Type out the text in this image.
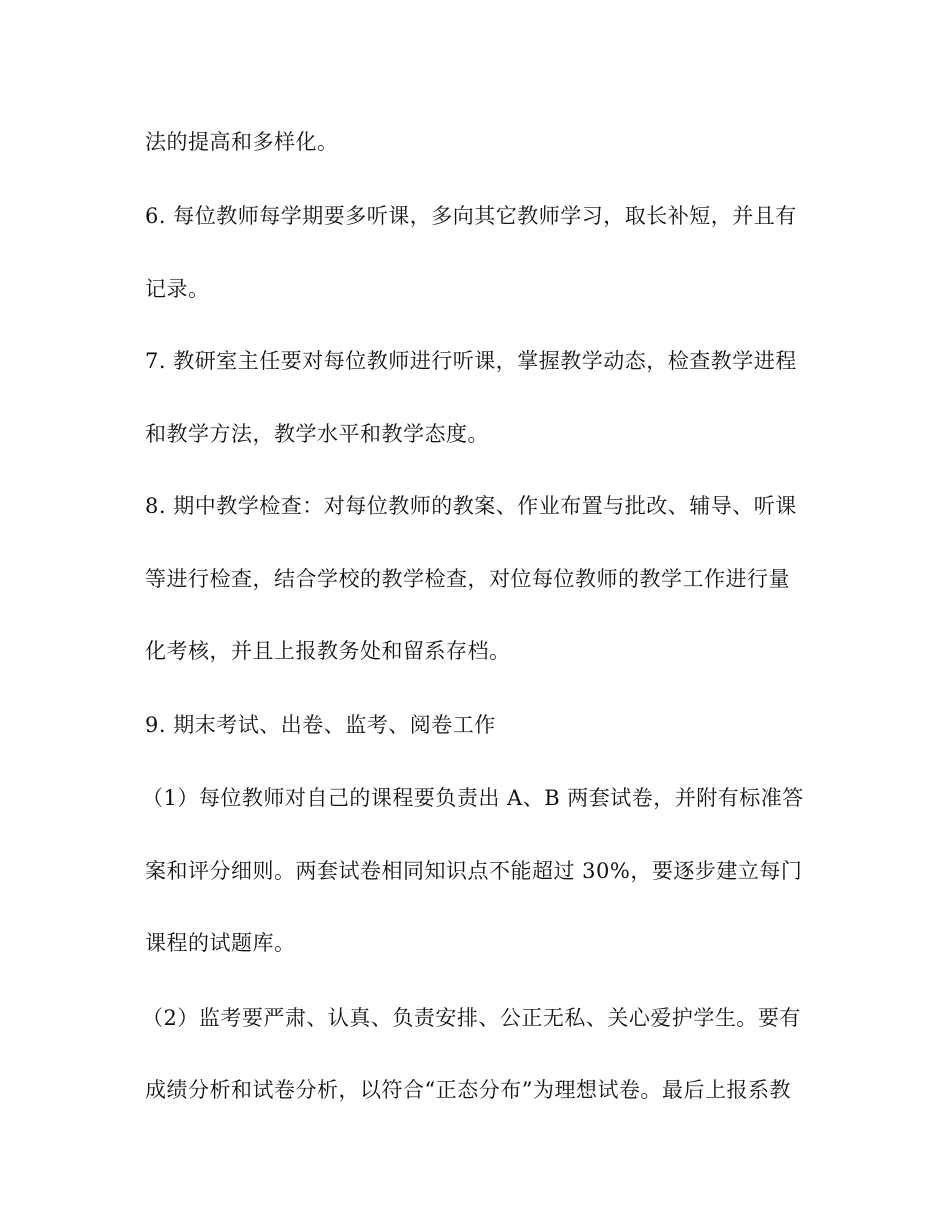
法的提高和多样化。
6. 每位教师每学期要多听课，多向其它教师学习，取长补短，并且有
记录。
7. 教研室主任要对每位教师进行听课，掌握教学动态，检查教学进程
和教学方法，教学水平和教学态度。
8. 期中教学检查：对每位教师的教案、作业布置与批改、辅导、听课
等进行检查，结合学校的教学检查，对位每位教师的教学工作进行量
化考核，并且上报教务处和留系存档。
9. 期末考试、出卷、监考、阅卷工作
（1）每位教师对自己的课程要负责出 A、B 两套试卷，并附有标准答
案和评分细则。两套试卷相同知识点不能超过 30%，要逐步建立每门
课程的试题库。
（2）监考要严肃、认真、负责安排、公正无私、关心爱护学生。要有
成绩分析和试卷分析，以符合“正态分布”为理想试卷。最后上报系教
